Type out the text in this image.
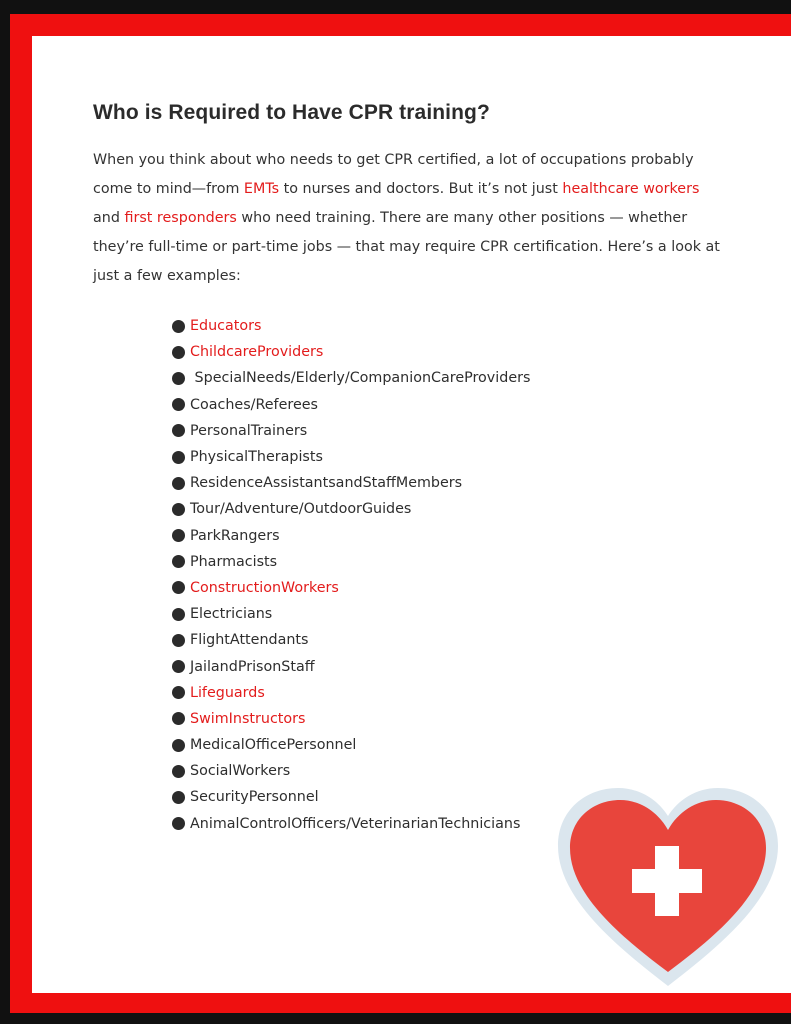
Who is Required to Have CPR training?

When you think about who needs to get CPR certified, a lot of occupations probably
come to mind—from EMTs to nurses and doctors. But it’s not just healthcare workers
and first responders who need training. There are many other positions — whether
they’re full-time or part-time jobs — that may require CPR certification. Here’s a look at
just a few examples:

Educators
ChildcareProviders
SpecialNeeds/Elderly/CompanionCareProviders
Coaches/Referees
PersonalTrainers
PhysicalTherapists
ResidenceAssistantsandStaffMembers
Tour/Adventure/OutdoorGuides
ParkRangers
Pharmacists
ConstructionWorkers
Electricians
FlightAttendants
JailandPrisonStaff
Lifeguards
SwimInstructors
MedicalOfficePersonnel
SocialWorkers
SecurityPersonnel
AnimalControlOfficers/VeterinarianTechnicians
